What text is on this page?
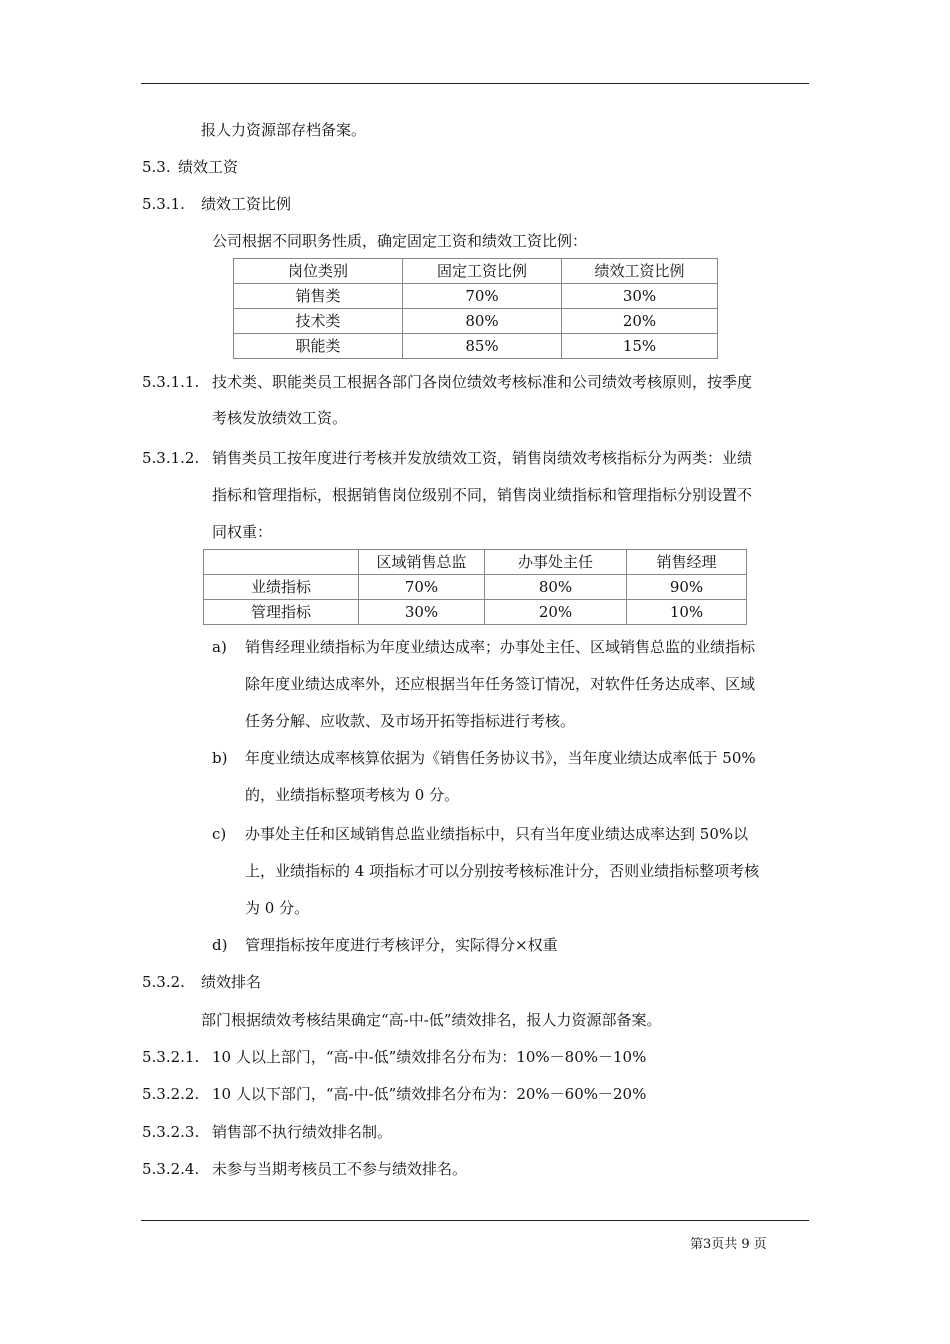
报人力资源部存档备案。
5.3. 绩效工资
5.3.1. 绩效工资比例
公司根据不同职务性质，确定固定工资和绩效工资比例：
岗位类别	固定工资比例	绩效工资比例
销售类	70%	30%
技术类	80%	20%
职能类	85%	15%
5.3.1.1. 技术类、职能类员工根据各部门各岗位绩效考核标准和公司绩效考核原则，按季度
考核发放绩效工资。
5.3.1.2. 销售类员工按年度进行考核并发放绩效工资，销售岗绩效考核指标分为两类：业绩
指标和管理指标，根据销售岗位级别不同，销售岗业绩指标和管理指标分别设置不
同权重：
	区域销售总监	办事处主任	销售经理
业绩指标	70%	80%	90%
管理指标	30%	20%	10%
a) 销售经理业绩指标为年度业绩达成率；办事处主任、区域销售总监的业绩指标
除年度业绩达成率外，还应根据当年任务签订情况，对软件任务达成率、区域
任务分解、应收款、及市场开拓等指标进行考核。
b) 年度业绩达成率核算依据为《销售任务协议书》，当年度业绩达成率低于 50%
的，业绩指标整项考核为 0 分。
c) 办事处主任和区域销售总监业绩指标中，只有当年度业绩达成率达到 50%以
上，业绩指标的 4 项指标才可以分别按考核标准计分，否则业绩指标整项考核
为 0 分。
d) 管理指标按年度进行考核评分，实际得分×权重
5.3.2. 绩效排名
部门根据绩效考核结果确定“高-中-低”绩效排名，报人力资源部备案。
5.3.2.1. 10 人以上部门，“高-中-低”绩效排名分布为：10%－80%－10%
5.3.2.2. 10 人以下部门，“高-中-低”绩效排名分布为：20%－60%－20%
5.3.2.3. 销售部不执行绩效排名制。
5.3.2.4. 未参与当期考核员工不参与绩效排名。
第3页共 9 页
